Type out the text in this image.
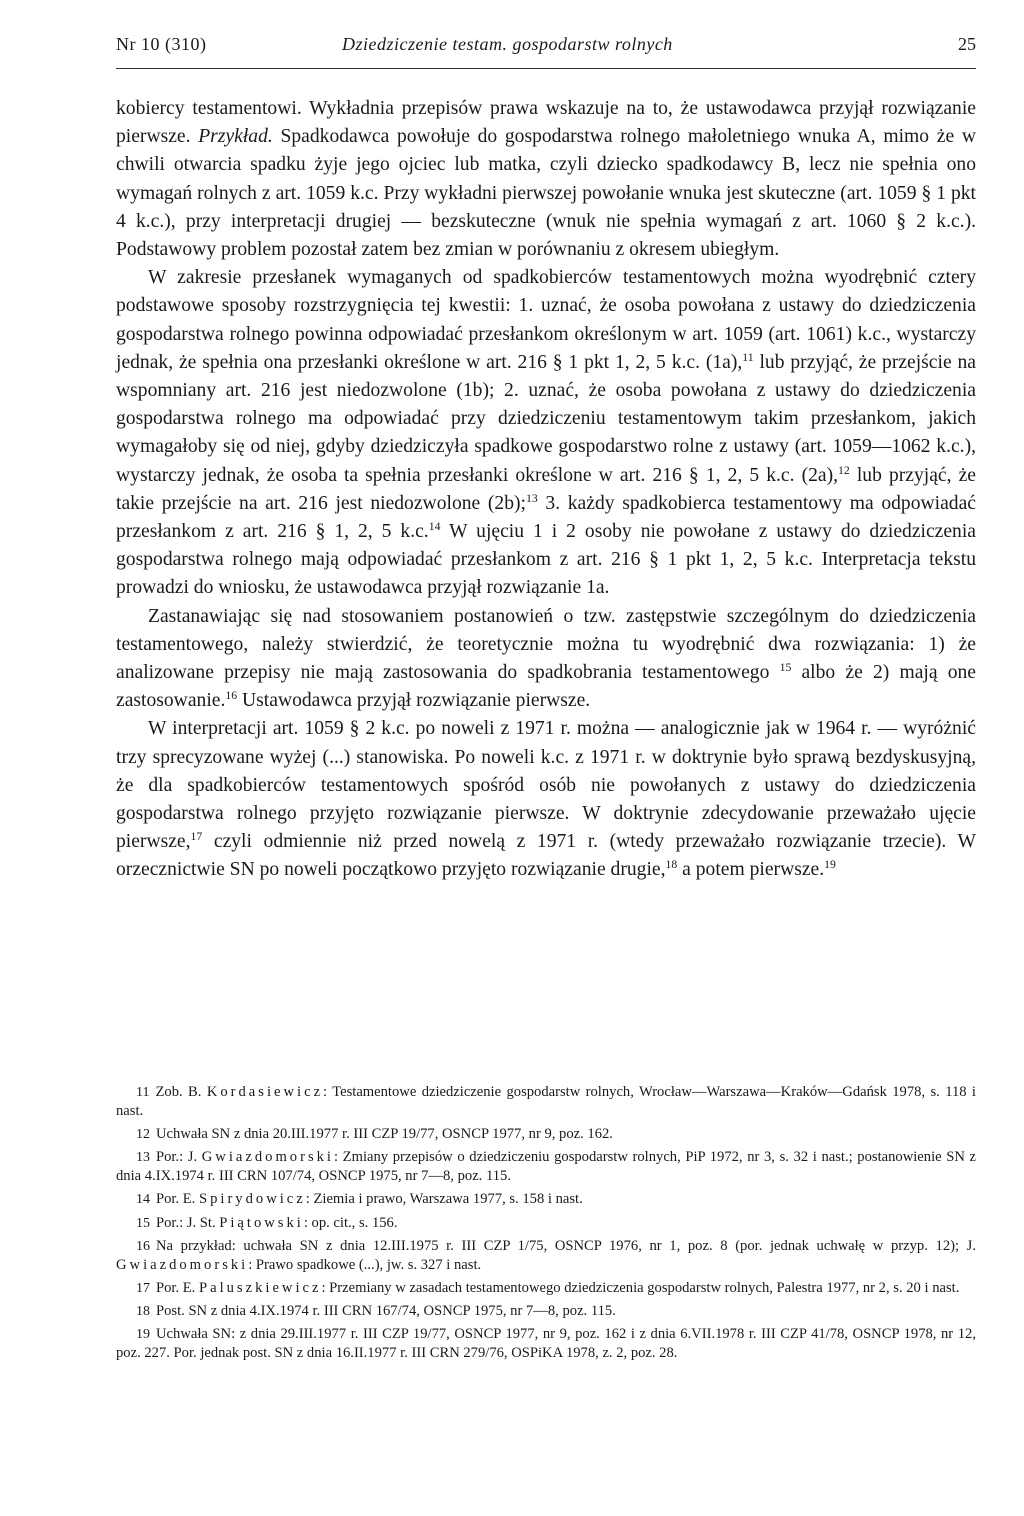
Nr 10 (310)	Dziedziczenie testam. gospodarstw rolnych	25

kobiercy testamentowi. Wykładnia przepisów prawa wskazuje na to, że ustawodawca przyjął rozwiązanie pierwsze. Przykład. Spadkodawca powołuje do gospodarstwa rolnego małoletniego wnuka A, mimo że w chwili otwarcia spadku żyje jego ojciec lub matka, czyli dziecko spadkodawcy B, lecz nie spełnia ono wymagań rolnych z art. 1059 k.c. Przy wykładni pierwszej powołanie wnuka jest skuteczne (art. 1059 § 1 pkt 4 k.c.), przy interpretacji drugiej — bezskuteczne (wnuk nie spełnia wymagań z art. 1060 § 2 k.c.). Podstawowy problem pozostał zatem bez zmian w porównaniu z okresem ubiegłym.

W zakresie przesłanek wymaganych od spadkobierców testamentowych można wyodrębnić cztery podstawowe sposoby rozstrzygnięcia tej kwestii: 1. uznać, że osoba powołana z ustawy do dziedziczenia gospodarstwa rolnego powinna odpowiadać przesłankom określonym w art. 1059 (art. 1061) k.c., wystarczy jednak, że spełnia ona przesłanki określone w art. 216 § 1 pkt 1, 2, 5 k.c. (1a),$^{11}$ lub przyjąć, że przejście na wspomniany art. 216 jest niedozwolone (1b); 2. uznać, że osoba powołana z ustawy do dziedziczenia gospodarstwa rolnego ma odpowiadać przy dziedziczeniu testamentowym takim przesłankom, jakich wymagałoby się od niej, gdyby dziedziczyła spadkowe gospodarstwo rolne z ustawy (art. 1059—1062 k.c.), wystarczy jednak, że osoba ta spełnia przesłanki określone w art. 216 § 1, 2, 5 k.c. (2a),$^{12}$ lub przyjąć, że takie przejście na art. 216 jest niedozwolone (2b);$^{13}$ 3. każdy spadkobierca testamentowy ma odpowiadać przesłankom z art. 216 § 1, 2, 5 k.c.$^{14}$ W ujęciu 1 i 2 osoby nie powołane z ustawy do dziedziczenia gospodarstwa rolnego mają odpowiadać przesłankom z art. 216 § 1 pkt 1, 2, 5 k.c. Interpretacja tekstu prowadzi do wniosku, że ustawodawca przyjął rozwiązanie 1a.

Zastanawiając się nad stosowaniem postanowień o tzw. zastępstwie szczególnym do dziedziczenia testamentowego, należy stwierdzić, że teoretycznie można tu wyodrębnić dwa rozwiązania: 1) że analizowane przepisy nie mają zastosowania do spadkobrania testamentowego $^{15}$ albo że 2) mają one zastosowanie.$^{16}$ Ustawodawca przyjął rozwiązanie pierwsze.

W interpretacji art. 1059 § 2 k.c. po noweli z 1971 r. można — analogicznie jak w 1964 r. — wyróżnić trzy sprecyzowane wyżej (...) stanowiska. Po noweli k.c. z 1971 r. w doktrynie było sprawą bezdyskusyjną, że dla spadkobierców testamentowych spośród osób nie powołanych z ustawy do dziedziczenia gospodarstwa rolnego przyjęto rozwiązanie pierwsze. W doktrynie zdecydowanie przeważało ujęcie pierwsze,$^{17}$ czyli odmiennie niż przed nowelą z 1971 r. (wtedy przeważało rozwiązanie trzecie). W orzecznictwie SN po noweli początkowo przyjęto rozwiązanie drugie,$^{18}$ a potem pierwsze.$^{19}$

11 Zob. B. Kordasiewicz: Testamentowe dziedziczenie gospodarstw rolnych, Wrocław—Warszawa—Kraków—Gdańsk 1978, s. 118 i nast.

12 Uchwała SN z dnia 20.III.1977 r. III CZP 19/77, OSNCP 1977, nr 9, poz. 162.

13 Por.: J. Gwiazdomorski: Zmiany przepisów o dziedziczeniu gospodarstw rolnych, PiP 1972, nr 3, s. 32 i nast.; postanowienie SN z dnia 4.IX.1974 r. III CRN 107/74, OSNCP 1975, nr 7—8, poz. 115.

14 Por. E. Spirydowicz: Ziemia i prawo, Warszawa 1977, s. 158 i nast.

15 Por.: J. St. Piątowski: op. cit., s. 156.

16 Na przykład: uchwała SN z dnia 12.III.1975 r. III CZP 1/75, OSNCP 1976, nr 1, poz. 8 (por. jednak uchwałę w przyp. 12); J. Gwiazdomorski: Prawo spadkowe (...), jw. s. 327 i nast.

17 Por. E. Paluszkiewicz: Przemiany w zasadach testamentowego dziedziczenia gospodarstw rolnych, Palestra 1977, nr 2, s. 20 i nast.

18 Post. SN z dnia 4.IX.1974 r. III CRN 167/74, OSNCP 1975, nr 7—8, poz. 115.

19 Uchwała SN: z dnia 29.III.1977 r. III CZP 19/77, OSNCP 1977, nr 9, poz. 162 i z dnia 6.VII.1978 r. III CZP 41/78, OSNCP 1978, nr 12, poz. 227. Por. jednak post. SN z dnia 16.II.1977 r. III CRN 279/76, OSPiKA 1978, z. 2, poz. 28.
